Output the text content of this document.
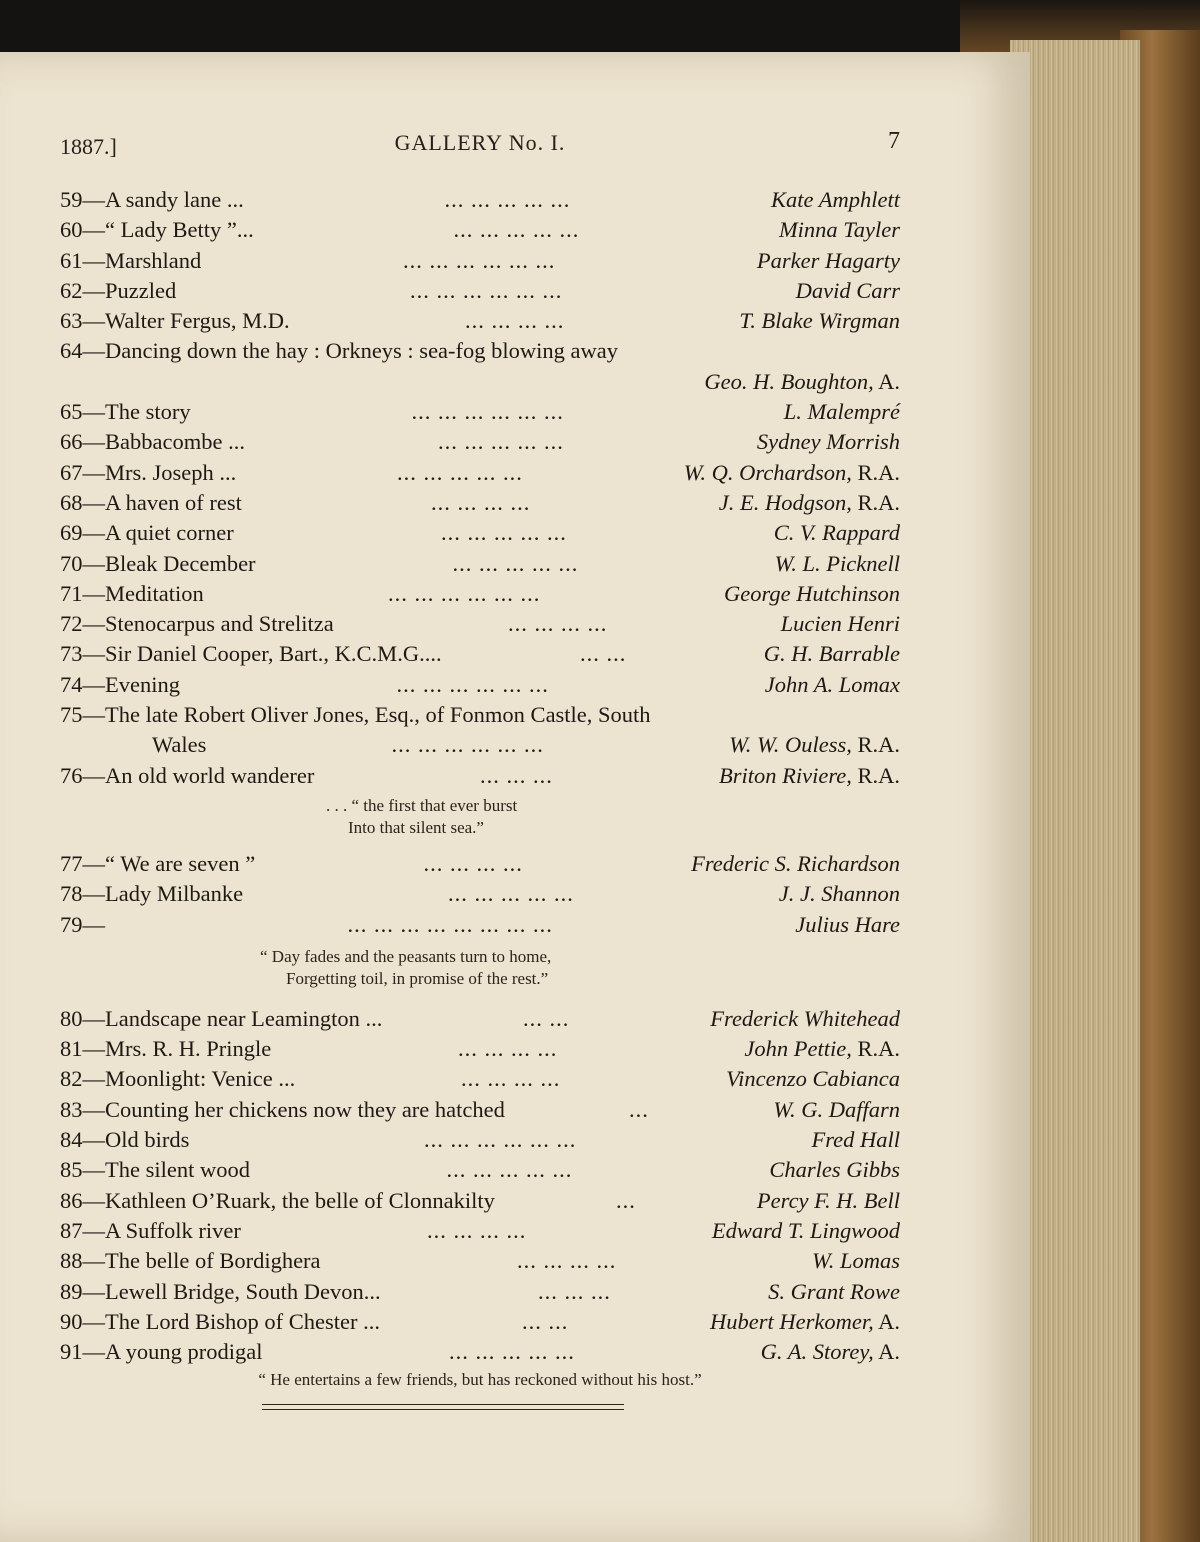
1887.]	GALLERY No. I.	7
59—A sandy lane ...	... ... ... ... ...	Kate Amphlett
60—“ Lady Betty ”...	... ... ... ... ...	Minna Tayler
61—Marshland	... ... ... ... ... ...	Parker Hagarty
62—Puzzled	... ... ... ... ... ...	David Carr
63—Walter Fergus, M.D.	... ... ... ...	T. Blake Wirgman
64—Dancing down the hay : Orkneys : sea-fog blowing away
Geo. H. Boughton, A.
65—The story	... ... ... ... ... ...	L. Malempré
66—Babbacombe ...	... ... ... ... ...	Sydney Morrish
67—Mrs. Joseph ...	... ... ... ... ...	W. Q. Orchardson, R.A.
68—A haven of rest	... ... ... ...	J. E. Hodgson, R.A.
69—A quiet corner	... ... ... ... ...	C. V. Rappard
70—Bleak December	... ... ... ... ...	W. L. Picknell
71—Meditation	... ... ... ... ... ...	George Hutchinson
72—Stenocarpus and Strelitza	... ... ... ...	Lucien Henri
73—Sir Daniel Cooper, Bart., K.C.M.G....	... ...	G. H. Barrable
74—Evening	... ... ... ... ... ...	John A. Lomax
75—The late Robert Oliver Jones, Esq., of Fonmon Castle, South
Wales	... ... ... ... ... ...	W. W. Ouless, R.A.
76—An old world wanderer	... ... ...	Briton Riviere, R.A.
. . . “ the first that ever burst
Into that silent sea.”
77—“ We are seven ”	... ... ... ...	Frederic S. Richardson
78—Lady Milbanke	... ... ... ... ...	J. J. Shannon
79—	... ... ... ... ... ... ... ...	Julius Hare
“ Day fades and the peasants turn to home,
Forgetting toil, in promise of the rest.”
80—Landscape near Leamington ...	... ...	Frederick Whitehead
81—Mrs. R. H. Pringle	... ... ... ...	John Pettie, R.A.
82—Moonlight: Venice ...	... ... ... ...	Vincenzo Cabianca
83—Counting her chickens now they are hatched	...	W. G. Daffarn
84—Old birds	... ... ... ... ... ...	Fred Hall
85—The silent wood	... ... ... ... ...	Charles Gibbs
86—Kathleen O’Ruark, the belle of Clonnakilty	...	Percy F. H. Bell
87—A Suffolk river	... ... ... ...	Edward T. Lingwood
88—The belle of Bordighera	... ... ... ...	W. Lomas
89—Lewell Bridge, South Devon...	... ... ...	S. Grant Rowe
90—The Lord Bishop of Chester ...	... ...	Hubert Herkomer, A.
91—A young prodigal	... ... ... ... ...	G. A. Storey, A.
“ He entertains a few friends, but has reckoned without his host.”
